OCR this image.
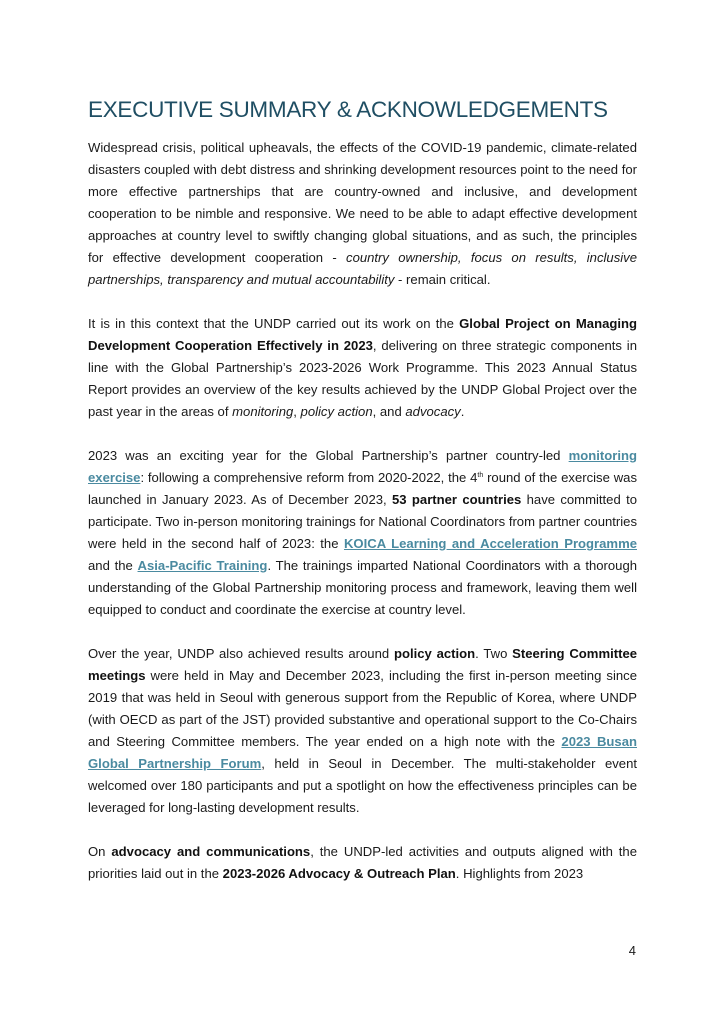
EXECUTIVE SUMMARY & ACKNOWLEDGEMENTS

Widespread crisis, political upheavals, the effects of the COVID-19 pandemic, climate-related disasters coupled with debt distress and shrinking development resources point to the need for more effective partnerships that are country-owned and inclusive, and development cooperation to be nimble and responsive. We need to be able to adapt effective development approaches at country level to swiftly changing global situations, and as such, the principles for effective development cooperation - country ownership, focus on results, inclusive partnerships, transparency and mutual accountability - remain critical.

It is in this context that the UNDP carried out its work on the Global Project on Managing Development Cooperation Effectively in 2023, delivering on three strategic components in line with the Global Partnership’s 2023-2026 Work Programme. This 2023 Annual Status Report provides an overview of the key results achieved by the UNDP Global Project over the past year in the areas of monitoring, policy action, and advocacy.

2023 was an exciting year for the Global Partnership’s partner country-led monitoring exercise: following a comprehensive reform from 2020-2022, the 4th round of the exercise was launched in January 2023. As of December 2023, 53 partner countries have committed to participate. Two in-person monitoring trainings for National Coordinators from partner countries were held in the second half of 2023: the KOICA Learning and Acceleration Programme and the Asia-Pacific Training. The trainings imparted National Coordinators with a thorough understanding of the Global Partnership monitoring process and framework, leaving them well equipped to conduct and coordinate the exercise at country level.

Over the year, UNDP also achieved results around policy action. Two Steering Committee meetings were held in May and December 2023, including the first in-person meeting since 2019 that was held in Seoul with generous support from the Republic of Korea, where UNDP (with OECD as part of the JST) provided substantive and operational support to the Co-Chairs and Steering Committee members. The year ended on a high note with the 2023 Busan Global Partnership Forum, held in Seoul in December. The multi-stakeholder event welcomed over 180 participants and put a spotlight on how the effectiveness principles can be leveraged for long-lasting development results.

On advocacy and communications, the UNDP-led activities and outputs aligned with the priorities laid out in the 2023-2026 Advocacy & Outreach Plan. Highlights from 2023

4
